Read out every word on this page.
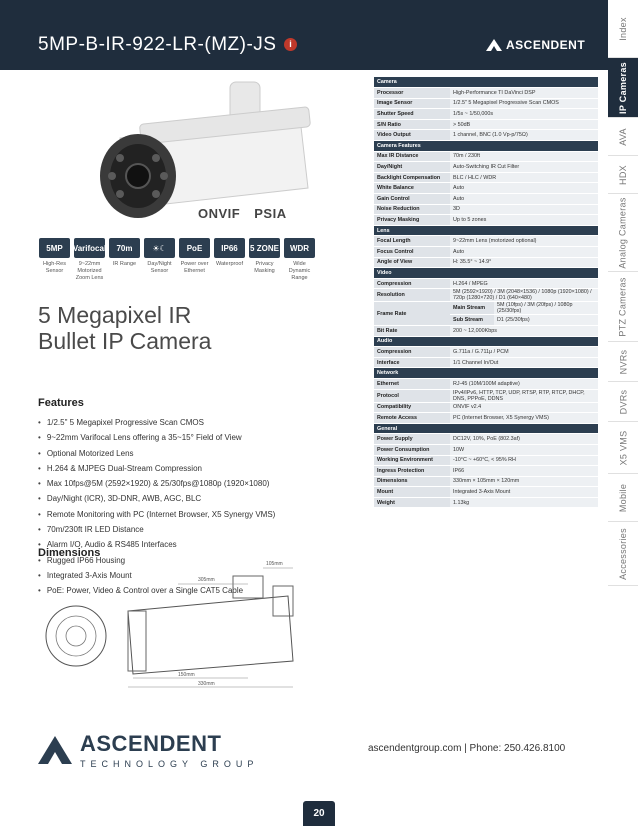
5MP-B-IR-922-LR-(MZ)-JS	i	ASCENDENT
Index
IP Cameras
AVA
HDX
Analog Cameras
PTZ Cameras
NVRs
DVRs
X5 VMS
Mobile
Accessories
ONVIF PSIA
5MP
High-Res Sensor
Varifocal
9~22mm Motorized Zoom Lens
70m
IR Range
☀☾
Day/Night Sensor
PoE
Power over Ethernet
IP66
Waterproof
5 ZONE
Privacy Masking
WDR
Wide Dynamic Range
5 Megapixel IR
Bullet IP Camera
Features
• 1/2.5" 5 Megapixel Progressive Scan CMOS
• 9~22mm Varifocal Lens offering a 35~15° Field of View
• Optional Motorized Lens
• H.264 & MJPEG Dual-Stream Compression
• Max 10fps@5M (2592×1920) & 25/30fps@1080p (1920×1080)
• Day/Night (ICR), 3D-DNR, AWB, AGC, BLC
• Remote Monitoring with PC (Internet Browser, X5 Synergy VMS)
• 70m/230ft IR LED Distance
• Alarm I/O, Audio & RS485 Interfaces
• Rugged IP66 Housing
• Integrated 3-Axis Mount
• PoE: Power, Video & Control over a Single CAT5 Cable
Dimensions
105mm
305mm
150mm
330mm
Camera		
Processor	High-Performance TI DaVinci DSP	
Image Sensor	1/2.5" 5 Megapixel Progressive Scan CMOS	
Shutter Speed	1/5s ~ 1/50,000s	
S/N Ratio	> 50dB	
Video Output	1 channel, BNC (1.0 Vp-p/75Ω)	
Camera Features		
Max IR Distance	70m / 230ft	
Day/Night	Auto-Switching IR Cut Filter	
Backlight Compensation	BLC / HLC / WDR	
White Balance	Auto	
Gain Control	Auto	
Noise Reduction	3D	
Privacy Masking	Up to 5 zones	
Lens		
Focal Length	9~22mm Lens (motorized optional)	
Focus Control	Auto	
Angle of View	H: 35.5° ~ 14.9°	
Video		
Compression	H.264 / MPEG	
Resolution	5M (2592×1920) / 3M (2048×1536) / 1080p (1920×1080) / 720p (1280×720) / D1 (640×480)	
Frame Rate	Main Stream	5M (10fps) / 3M (20fps) / 1080p (25/30fps)
	Sub Stream	D1 (25/30fps)
Bit Rate	200 ~ 12,000Kbps	
Audio		
Compression	G.711a / G.711μ / PCM	
Interface	1/1 Channel In/Out	
Network		
Ethernet	RJ-45 (10M/100M adaptive)	
Protocol	IPv4/IPv6, HTTP, TCP, UDP, RTSP, RTP, RTCP, DHCP, DNS, PPPoE, DDNS	
Compatibility	ONVIF v2.4	
Remote Access	PC (Internet Browser, X5 Synergy VMS)	
General		
Power Supply	DC12V, 10%, PoE (802.3af)	
Power Consumption	10W	
Working Environment	-10°C ~ +60°C, < 95% RH	
Ingress Protection	IP66	
Dimensions	330mm × 105mm × 120mm	
Mount	Integrated 3-Axis Mount	
Weight	1.13kg	
ASCENDENT
TECHNOLOGY GROUP
ascendentgroup.com | Phone: 250.426.8100
20
